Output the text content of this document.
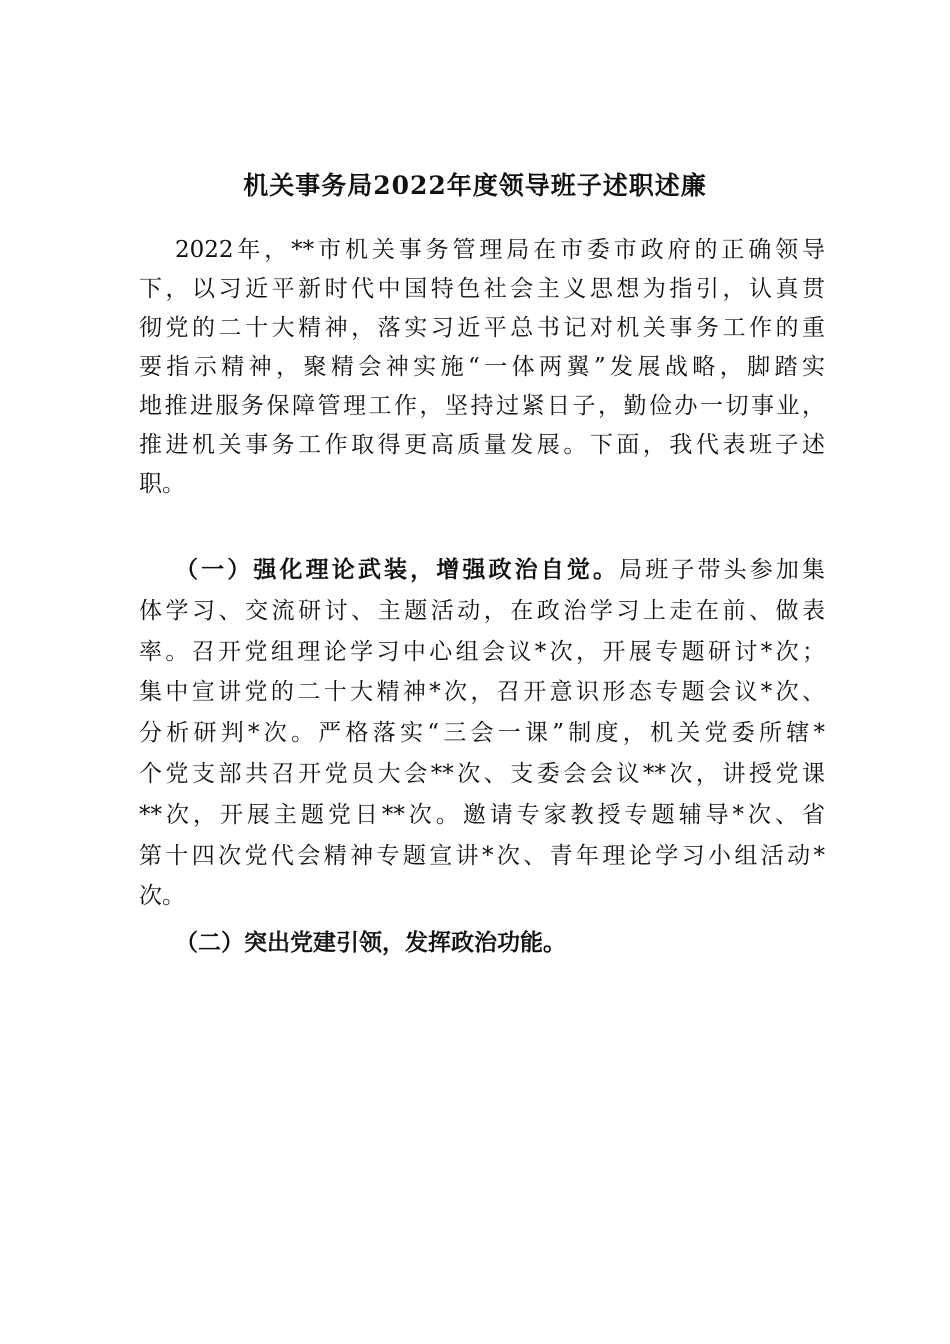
机关事务局2022年度领导班子述职述廉
2022年，**市机关事务管理局在市委市政府的正确领导
下，以习近平新时代中国特色社会主义思想为指引，认真贯
彻党的二十大精神，落实习近平总书记对机关事务工作的重
要指示精神，聚精会神实施“一体两翼”发展战略，脚踏实
地推进服务保障管理工作，坚持过紧日子，勤俭办一切事业，
推进机关事务工作取得更高质量发展。下面，我代表班子述
职。
（一）强化理论武装，增强政治自觉。局班子带头参加集
体学习、交流研讨、主题活动，在政治学习上走在前、做表
率。召开党组理论学习中心组会议*次，开展专题研讨*次；
集中宣讲党的二十大精神*次，召开意识形态专题会议*次、
分析研判*次。严格落实“三会一课”制度，机关党委所辖*
个党支部共召开党员大会**次、支委会会议**次，讲授党课
**次，开展主题党日**次。邀请专家教授专题辅导*次、省
第十四次党代会精神专题宣讲*次、青年理论学习小组活动*
次。
（二）突出党建引领，发挥政治功能。
